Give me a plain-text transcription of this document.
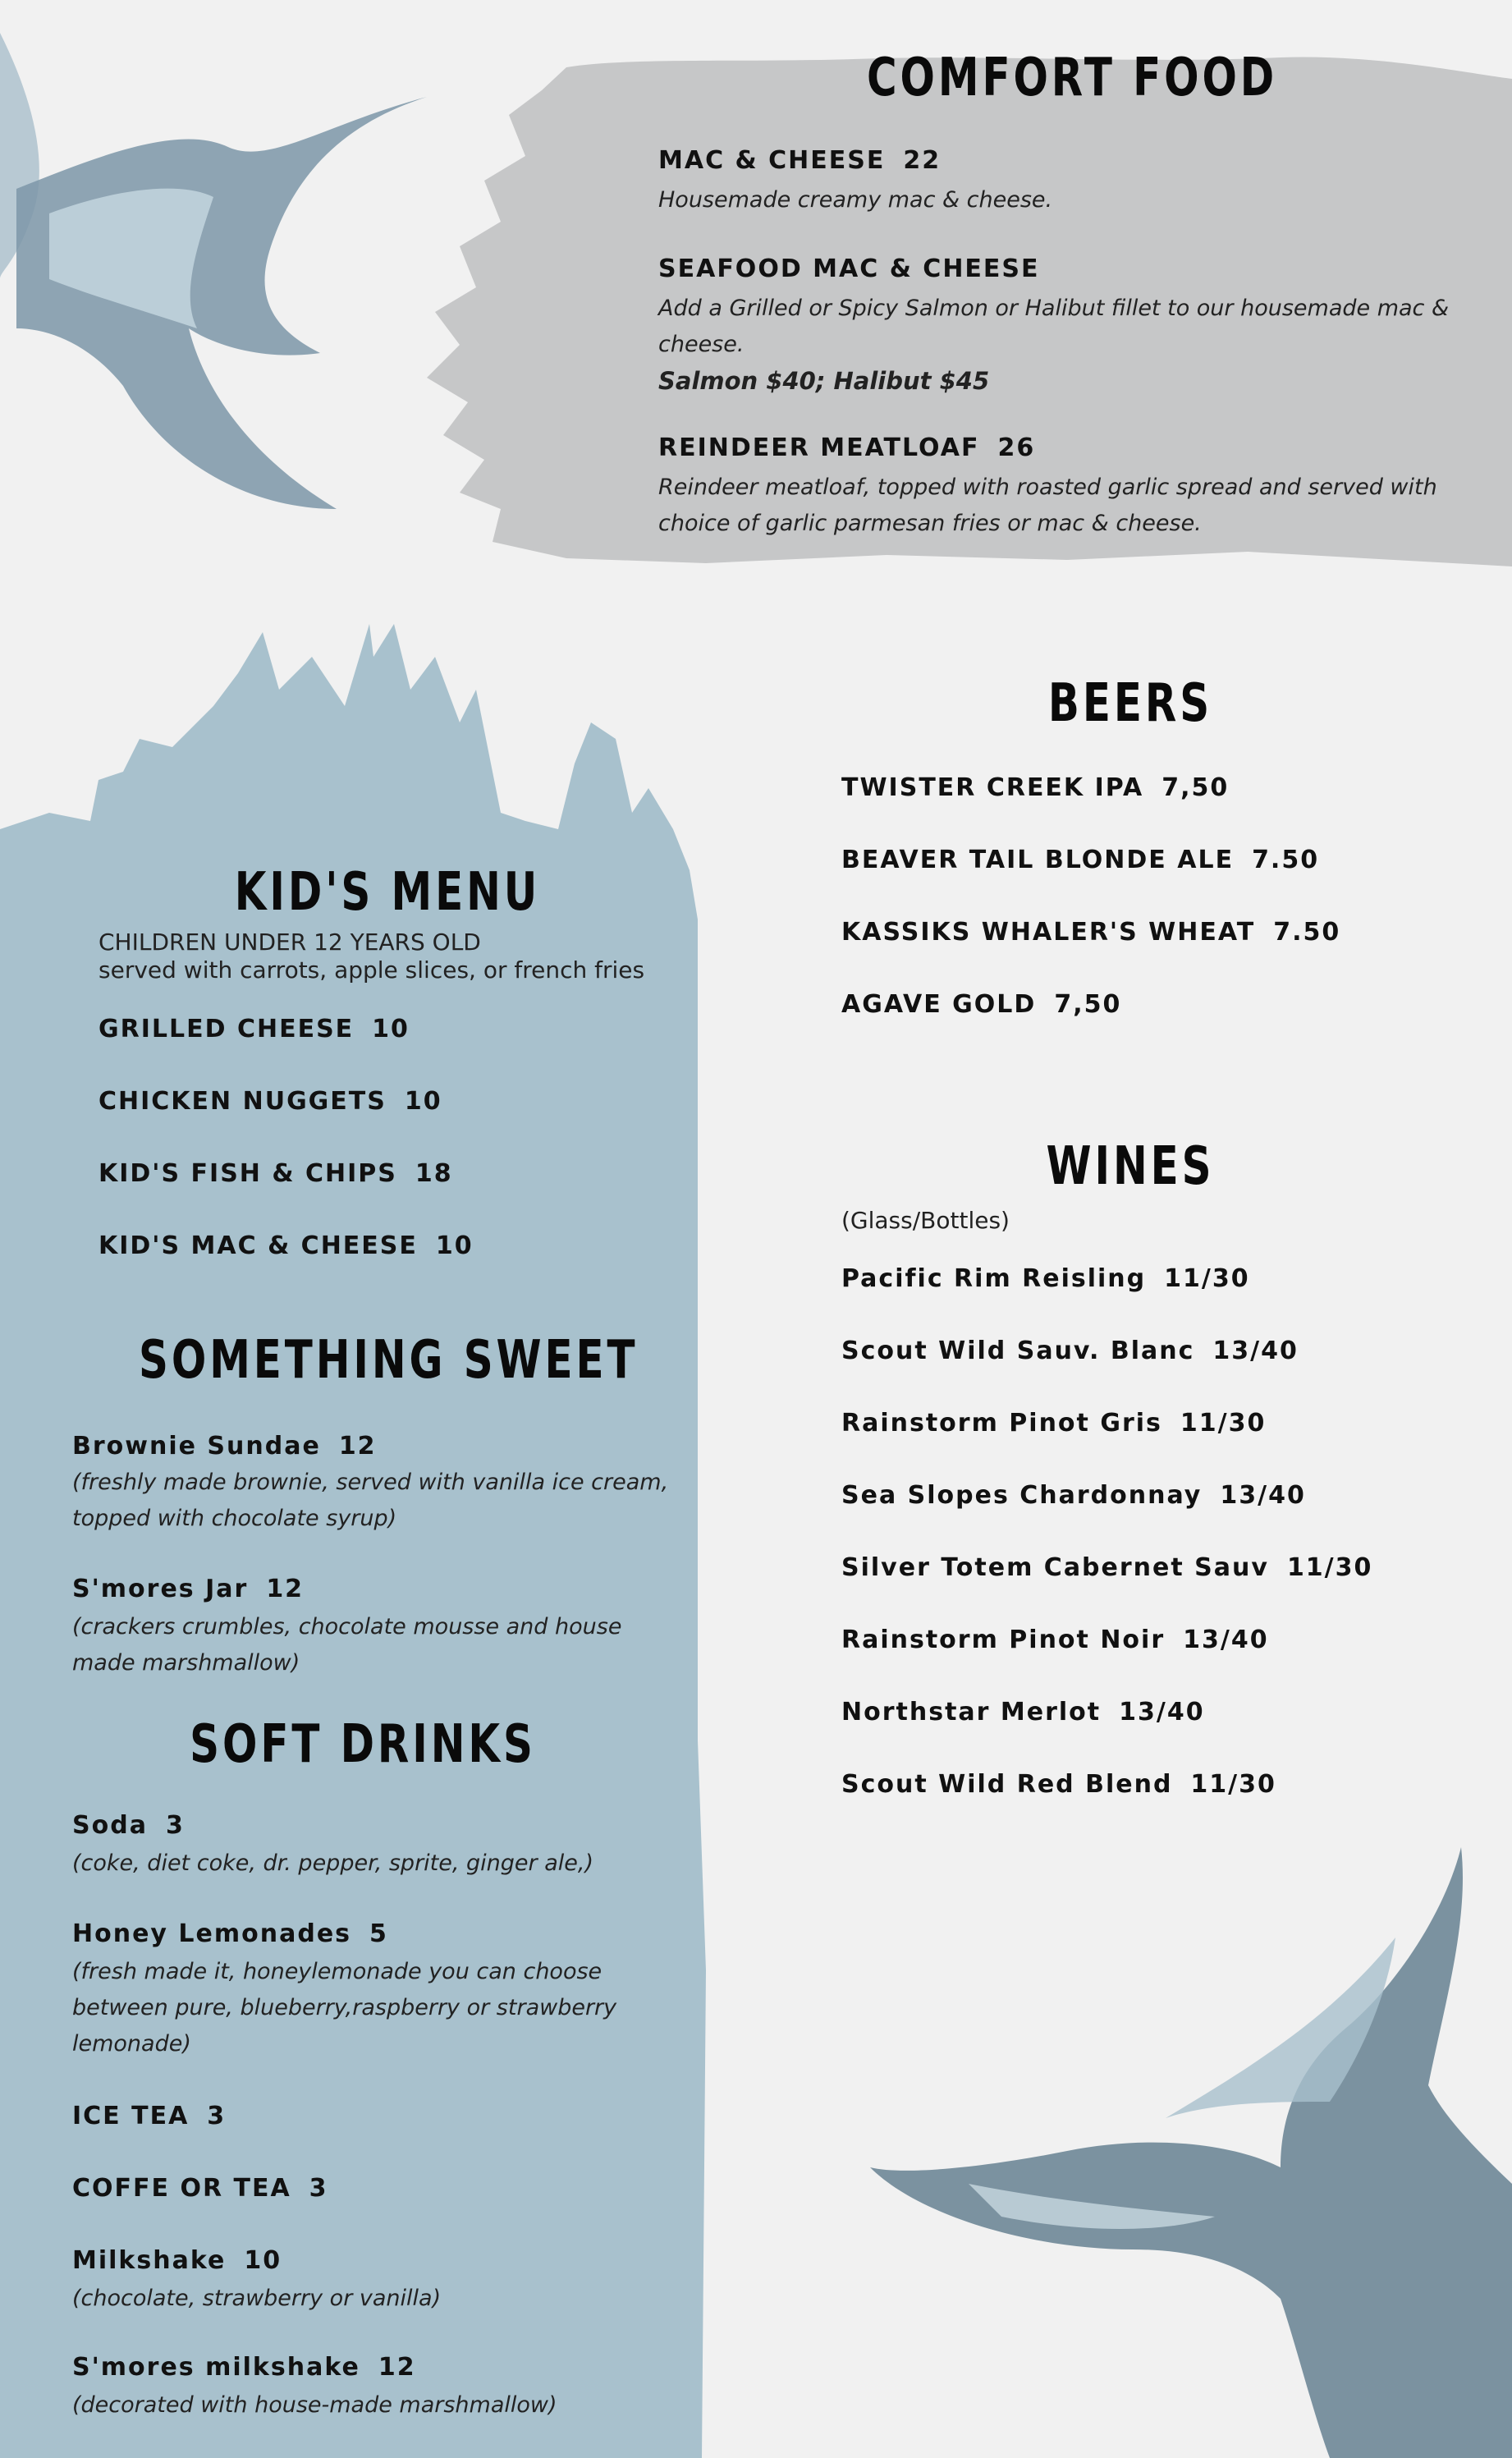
COMFORT FOOD
MAC & CHEESE 22
Housemade creamy mac & cheese.
SEAFOOD MAC & CHEESE
Add a Grilled or Spicy Salmon or Halibut fillet to our housemade mac &
cheese.
Salmon $40; Halibut $45
REINDEER MEATLOAF 26
Reindeer meatloaf, topped with roasted garlic spread and served with
choice of garlic parmesan fries or mac & cheese.
BEERS
TWISTER CREEK IPA 7,50
BEAVER TAIL BLONDE ALE 7.50
KASSIKS WHALER'S WHEAT 7.50
AGAVE GOLD 7,50
WINES
(Glass/Bottles)
Pacific Rim Reisling 11/30
Scout Wild Sauv. Blanc 13/40
Rainstorm Pinot Gris 11/30
Sea Slopes Chardonnay 13/40
Silver Totem Cabernet Sauv 11/30
Rainstorm Pinot Noir 13/40
Northstar Merlot 13/40
Scout Wild Red Blend 11/30
KID'S MENU
CHILDREN UNDER 12 YEARS OLD
served with carrots, apple slices, or french fries
GRILLED CHEESE 10
CHICKEN NUGGETS 10
KID'S FISH & CHIPS 18
KID'S MAC & CHEESE 10
SOMETHING SWEET
Brownie Sundae 12
(freshly made brownie, served with vanilla ice cream,
topped with chocolate syrup)
S'mores Jar 12
(crackers crumbles, chocolate mousse and house
made marshmallow)
SOFT DRINKS
Soda 3
(coke, diet coke, dr. pepper, sprite, ginger ale,)
Honey Lemonades 5
(fresh made it, honeylemonade you can choose
between pure, blueberry,raspberry or strawberry
lemonade)
ICE TEA 3
COFFE OR TEA 3
Milkshake 10
(chocolate, strawberry or vanilla)
S'mores milkshake 12
(decorated with house-made marshmallow)
